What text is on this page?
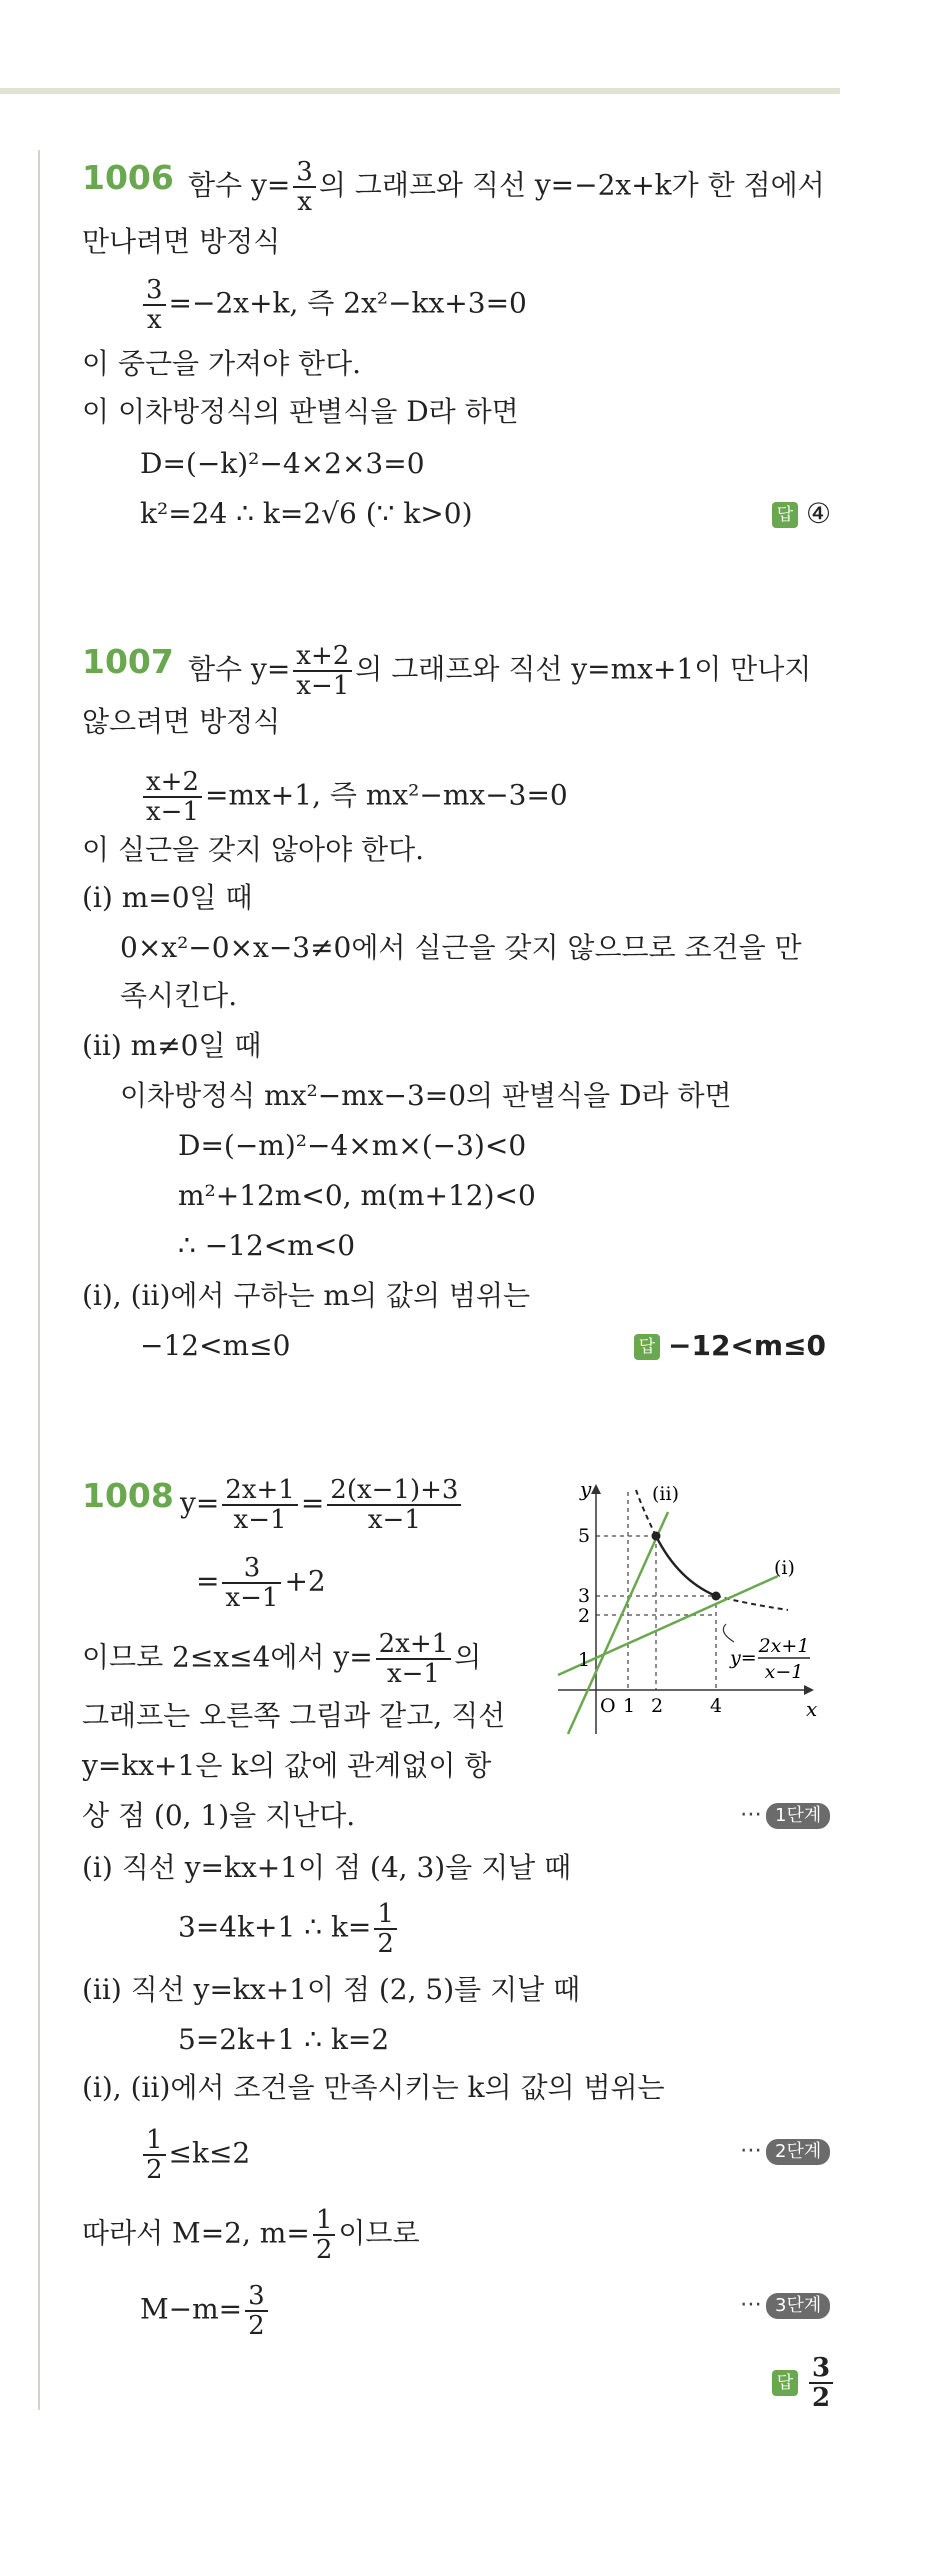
1006 함수 $y= \frac{3}{x}$ 의 그래프와 직선 y=−2x+k가 한 점에서
만나려면 방정식
$\frac{3}{x} =-2x+k$, 즉 2x²−kx+3=0
이 중근을 가져야 한다.
이 이차방정식의 판별식을 D라 하면
D=(−k)²−4×2×3=0
k²=24 ∴ k=2√6 (∵ k>0)	답 ④
1007 함수 $y= \frac{x+2}{x-1}$ 의 그래프와 직선 y=mx+1이 만나지
않으려면 방정식
$\frac{x+2}{x-1} =mx+1$, 즉 mx²−mx−3=0
이 실근을 갖지 않아야 한다.
(i) m=0일 때
0×x²−0×x−3≠0에서 실근을 갖지 않으므로 조건을 만
족시킨다.
(ii) m≠0일 때
이차방정식 mx²−mx−3=0의 판별식을 D라 하면
D=(−m)²−4×m×(−3)<0
m²+12m<0, m(m+12)<0
∴ −12<m<0
(i), (ii)에서 구하는 m의 값의 범위는
−12<m≤0	답 −12<m≤0
1008 $y= \frac{2x+1}{x-1} = \frac{2(x-1)+3}{x-1}$
= $\frac{3}{x-1} +2$
이므로 2≤x≤4에서 $y= \frac{2x+1}{x-1}$ 의
그래프는 오른쪽 그림과 같고, 직선
y=kx+1은 k의 값에 관계없이 항
상 점 (0, 1)을 지난다.	⋯ 1단계
y
x
O
5
3
2
1
1 2 4
(ii)
(i)
y=
2x+1
x−1
(i) 직선 y=kx+1이 점 (4, 3)을 지날 때
3=4k+1 ∴ $k= \frac{1}{2}$
(ii) 직선 y=kx+1이 점 (2, 5)를 지날 때
5=2k+1 ∴ k=2
(i), (ii)에서 조건을 만족시키는 k의 값의 범위는
$\frac{1}{2} \le k\le 2$	⋯ 2단계
따라서 M=2, $m= \frac{1}{2}$ 이므로
$M-m= \frac{3}{2}$	⋯ 3단계
답 $\frac{3}{2}$
